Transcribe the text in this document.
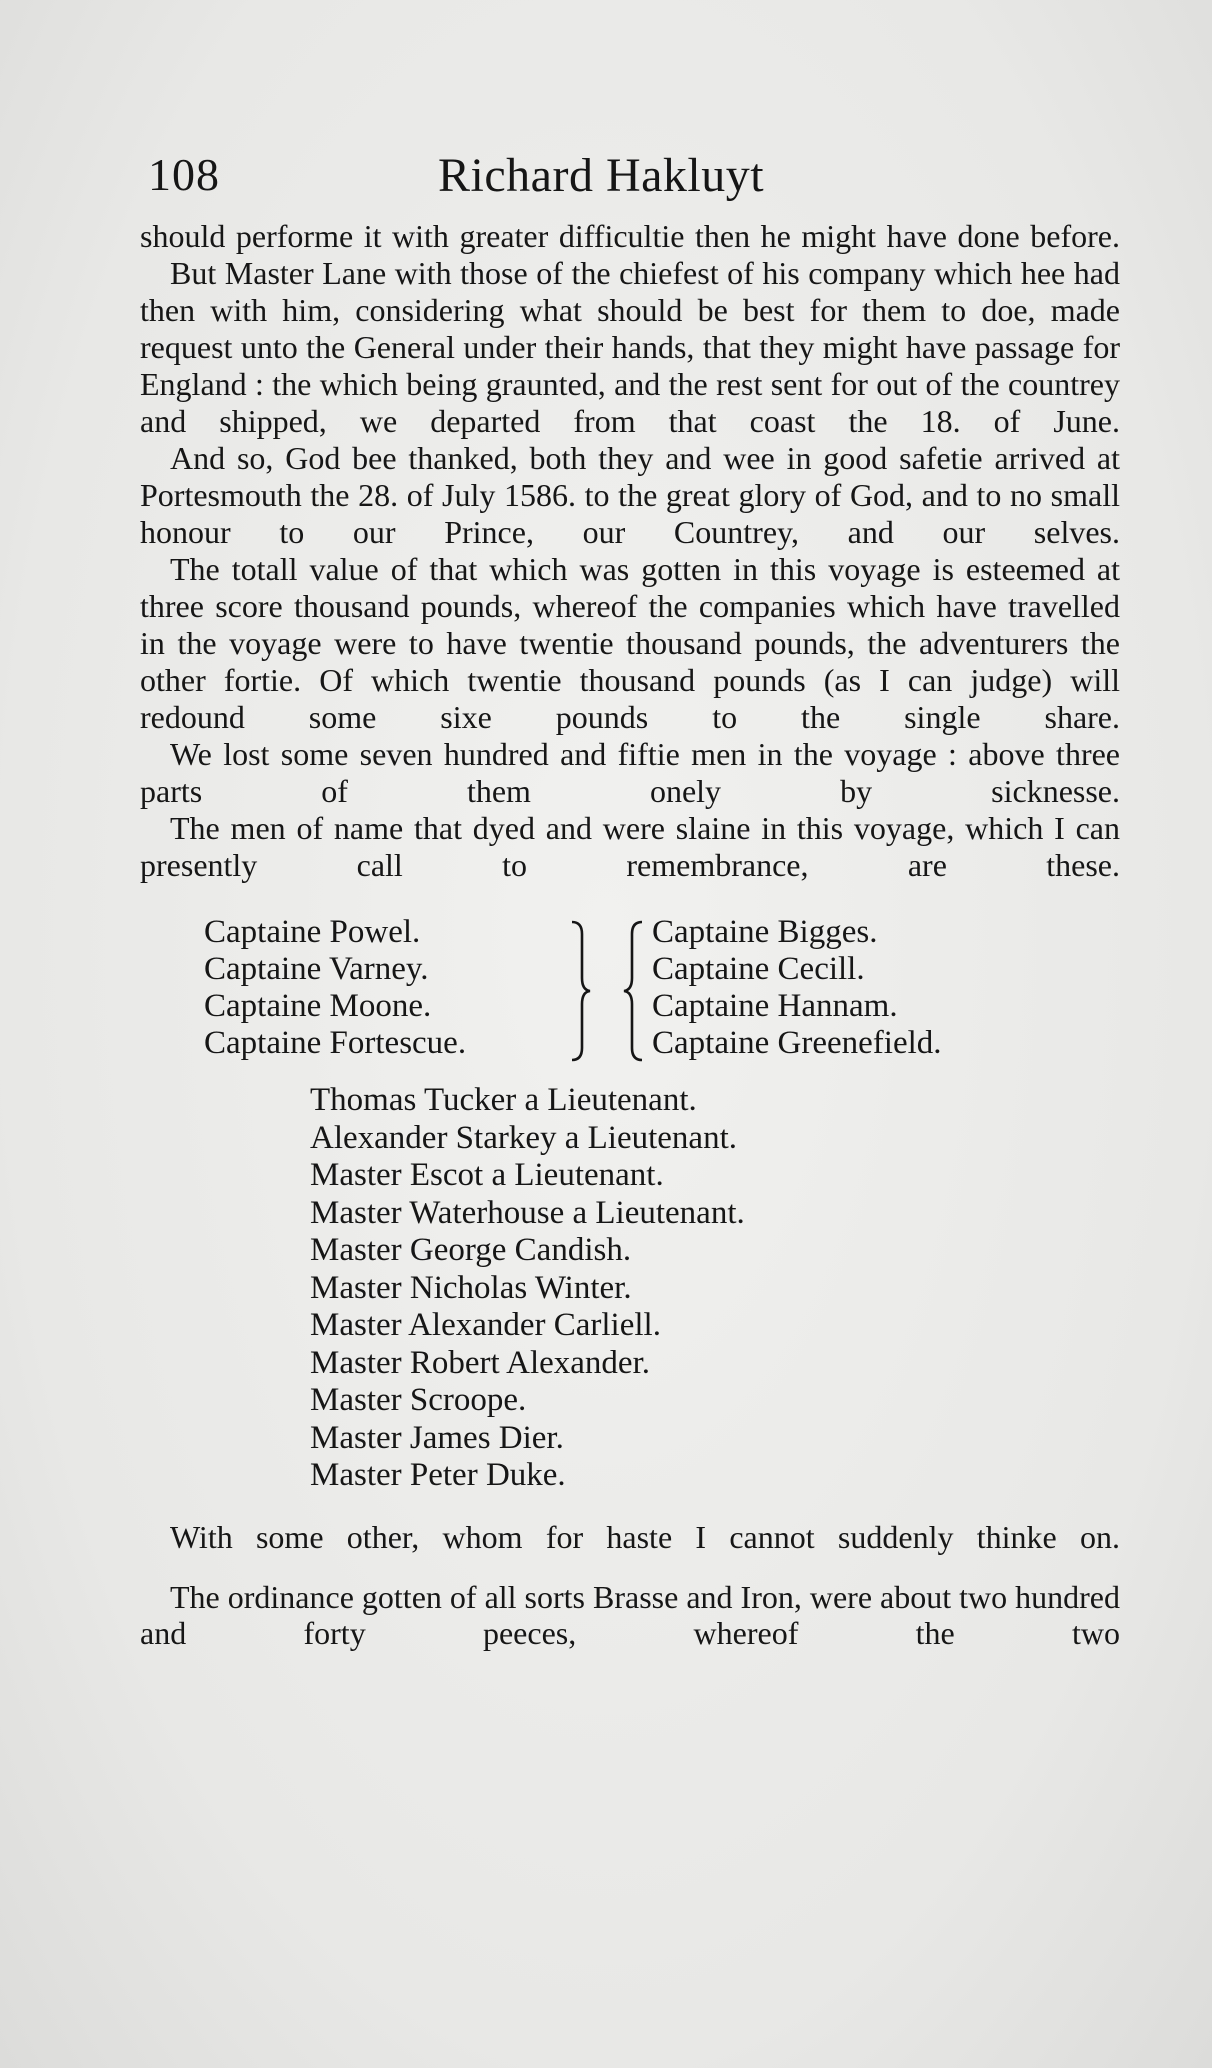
108	Richard Hakluyt

should performe it with greater difficultie then he might have done before.

But Master Lane with those of the chiefest of his company which hee had then with him, considering what should be best for them to doe, made request unto the General under their hands, that they might have passage for England : the which being graunted, and the rest sent for out of the countrey and shipped, we departed from that coast the 18. of June.

And so, God bee thanked, both they and wee in good safetie arrived at Portesmouth the 28. of July 1586. to the great glory of God, and to no small honour to our Prince, our Countrey, and our selves.

The totall value of that which was gotten in this voyage is esteemed at three score thousand pounds, whereof the companies which have travelled in the voyage were to have twentie thousand pounds, the adventurers the other fortie. Of which twentie thousand pounds (as I can judge) will redound some sixe pounds to the single share.

We lost some seven hundred and fiftie men in the voyage : above three parts of them onely by sicknesse.

The men of name that dyed and were slaine in this voyage, which I can presently call to remembrance, are these.

Captaine Powel.
Captaine Varney.
Captaine Moone.
Captaine Fortescue.
Captaine Bigges.
Captaine Cecill.
Captaine Hannam.
Captaine Greenefield.
Thomas Tucker a Lieutenant.
Alexander Starkey a Lieutenant.
Master Escot a Lieutenant.
Master Waterhouse a Lieutenant.
Master George Candish.
Master Nicholas Winter.
Master Alexander Carliell.
Master Robert Alexander.
Master Scroope.
Master James Dier.
Master Peter Duke.

With some other, whom for haste I cannot suddenly thinke on.

The ordinance gotten of all sorts Brasse and Iron, were about two hundred and forty peeces, whereof the two
